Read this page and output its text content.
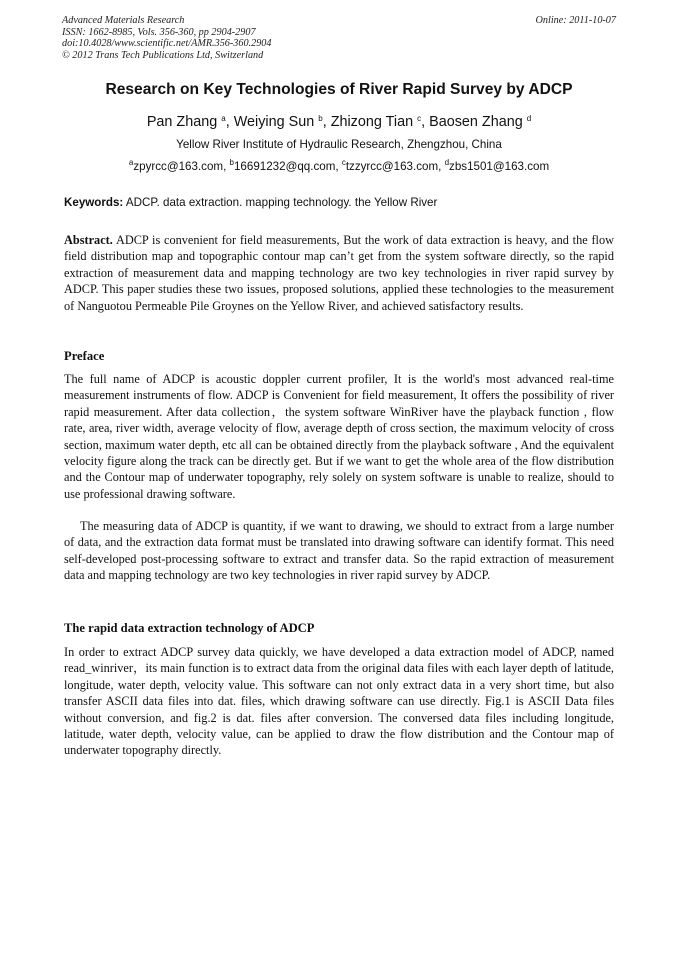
Advanced Materials Research
ISSN: 1662-8985, Vols. 356-360, pp 2904-2907
doi:10.4028/www.scientific.net/AMR.356-360.2904
© 2012 Trans Tech Publications Ltd, Switzerland
Online: 2011-10-07
Research on Key Technologies of River Rapid Survey by ADCP
Pan Zhang $^a$, Weiying Sun $^b$, Zhizong Tian $^c$, Baosen Zhang $^d$
Yellow River Institute of Hydraulic Research, Zhengzhou, China
$^a$zpyrcc@163.com, $^b$16691232@qq.com, $^c$tzzyrcc@163.com, $^d$zbs1501@163.com
Keywords: ADCP. data extraction. mapping technology. the Yellow River
Abstract. ADCP is convenient for field measurements, But the work of data extraction is heavy, and the flow field distribution map and topographic contour map can’t get from the system software directly, so the rapid extraction of measurement data and mapping technology are two key technologies in river rapid survey by ADCP. This paper studies these two issues, proposed solutions, applied these technologies to the measurement of Nanguotou Permeable Pile Groynes on the Yellow River, and achieved satisfactory results.
Preface
The full name of ADCP is acoustic doppler current profiler, It is the world's most advanced real-time measurement instruments of flow. ADCP is Convenient for field measurement, It offers the possibility of river rapid measurement. After data collection，the system software WinRiver have the playback function , flow rate, area, river width, average velocity of flow, average depth of cross section, the maximum velocity of cross section, maximum water depth, etc all can be obtained directly from the playback software , And the equivalent velocity figure along the track can be directly get. But if we want to get the whole area of the flow distribution and the Contour map of underwater topography, rely solely on system software is unable to realize, should to use professional drawing software.
The measuring data of ADCP is quantity, if we want to drawing, we should to extract from a large number of data, and the extraction data format must be translated into drawing software can identify format. This need self-developed post-processing software to extract and transfer data. So the rapid extraction of measurement data and mapping technology are two key technologies in river rapid survey by ADCP.
The rapid data extraction technology of ADCP
In order to extract ADCP survey data quickly, we have developed a data extraction model of ADCP, named read_winriver，its main function is to extract data from the original data files with each layer depth of latitude, longitude, water depth, velocity value. This software can not only extract data in a very short time, but also transfer ASCII data files into dat. files, which drawing software can use directly. Fig.1 is ASCII Data files without conversion, and fig.2 is dat. files after conversion. The conversed data files including longitude, latitude, water depth, velocity value, can be applied to draw the flow distribution and the Contour map of underwater topography directly.
